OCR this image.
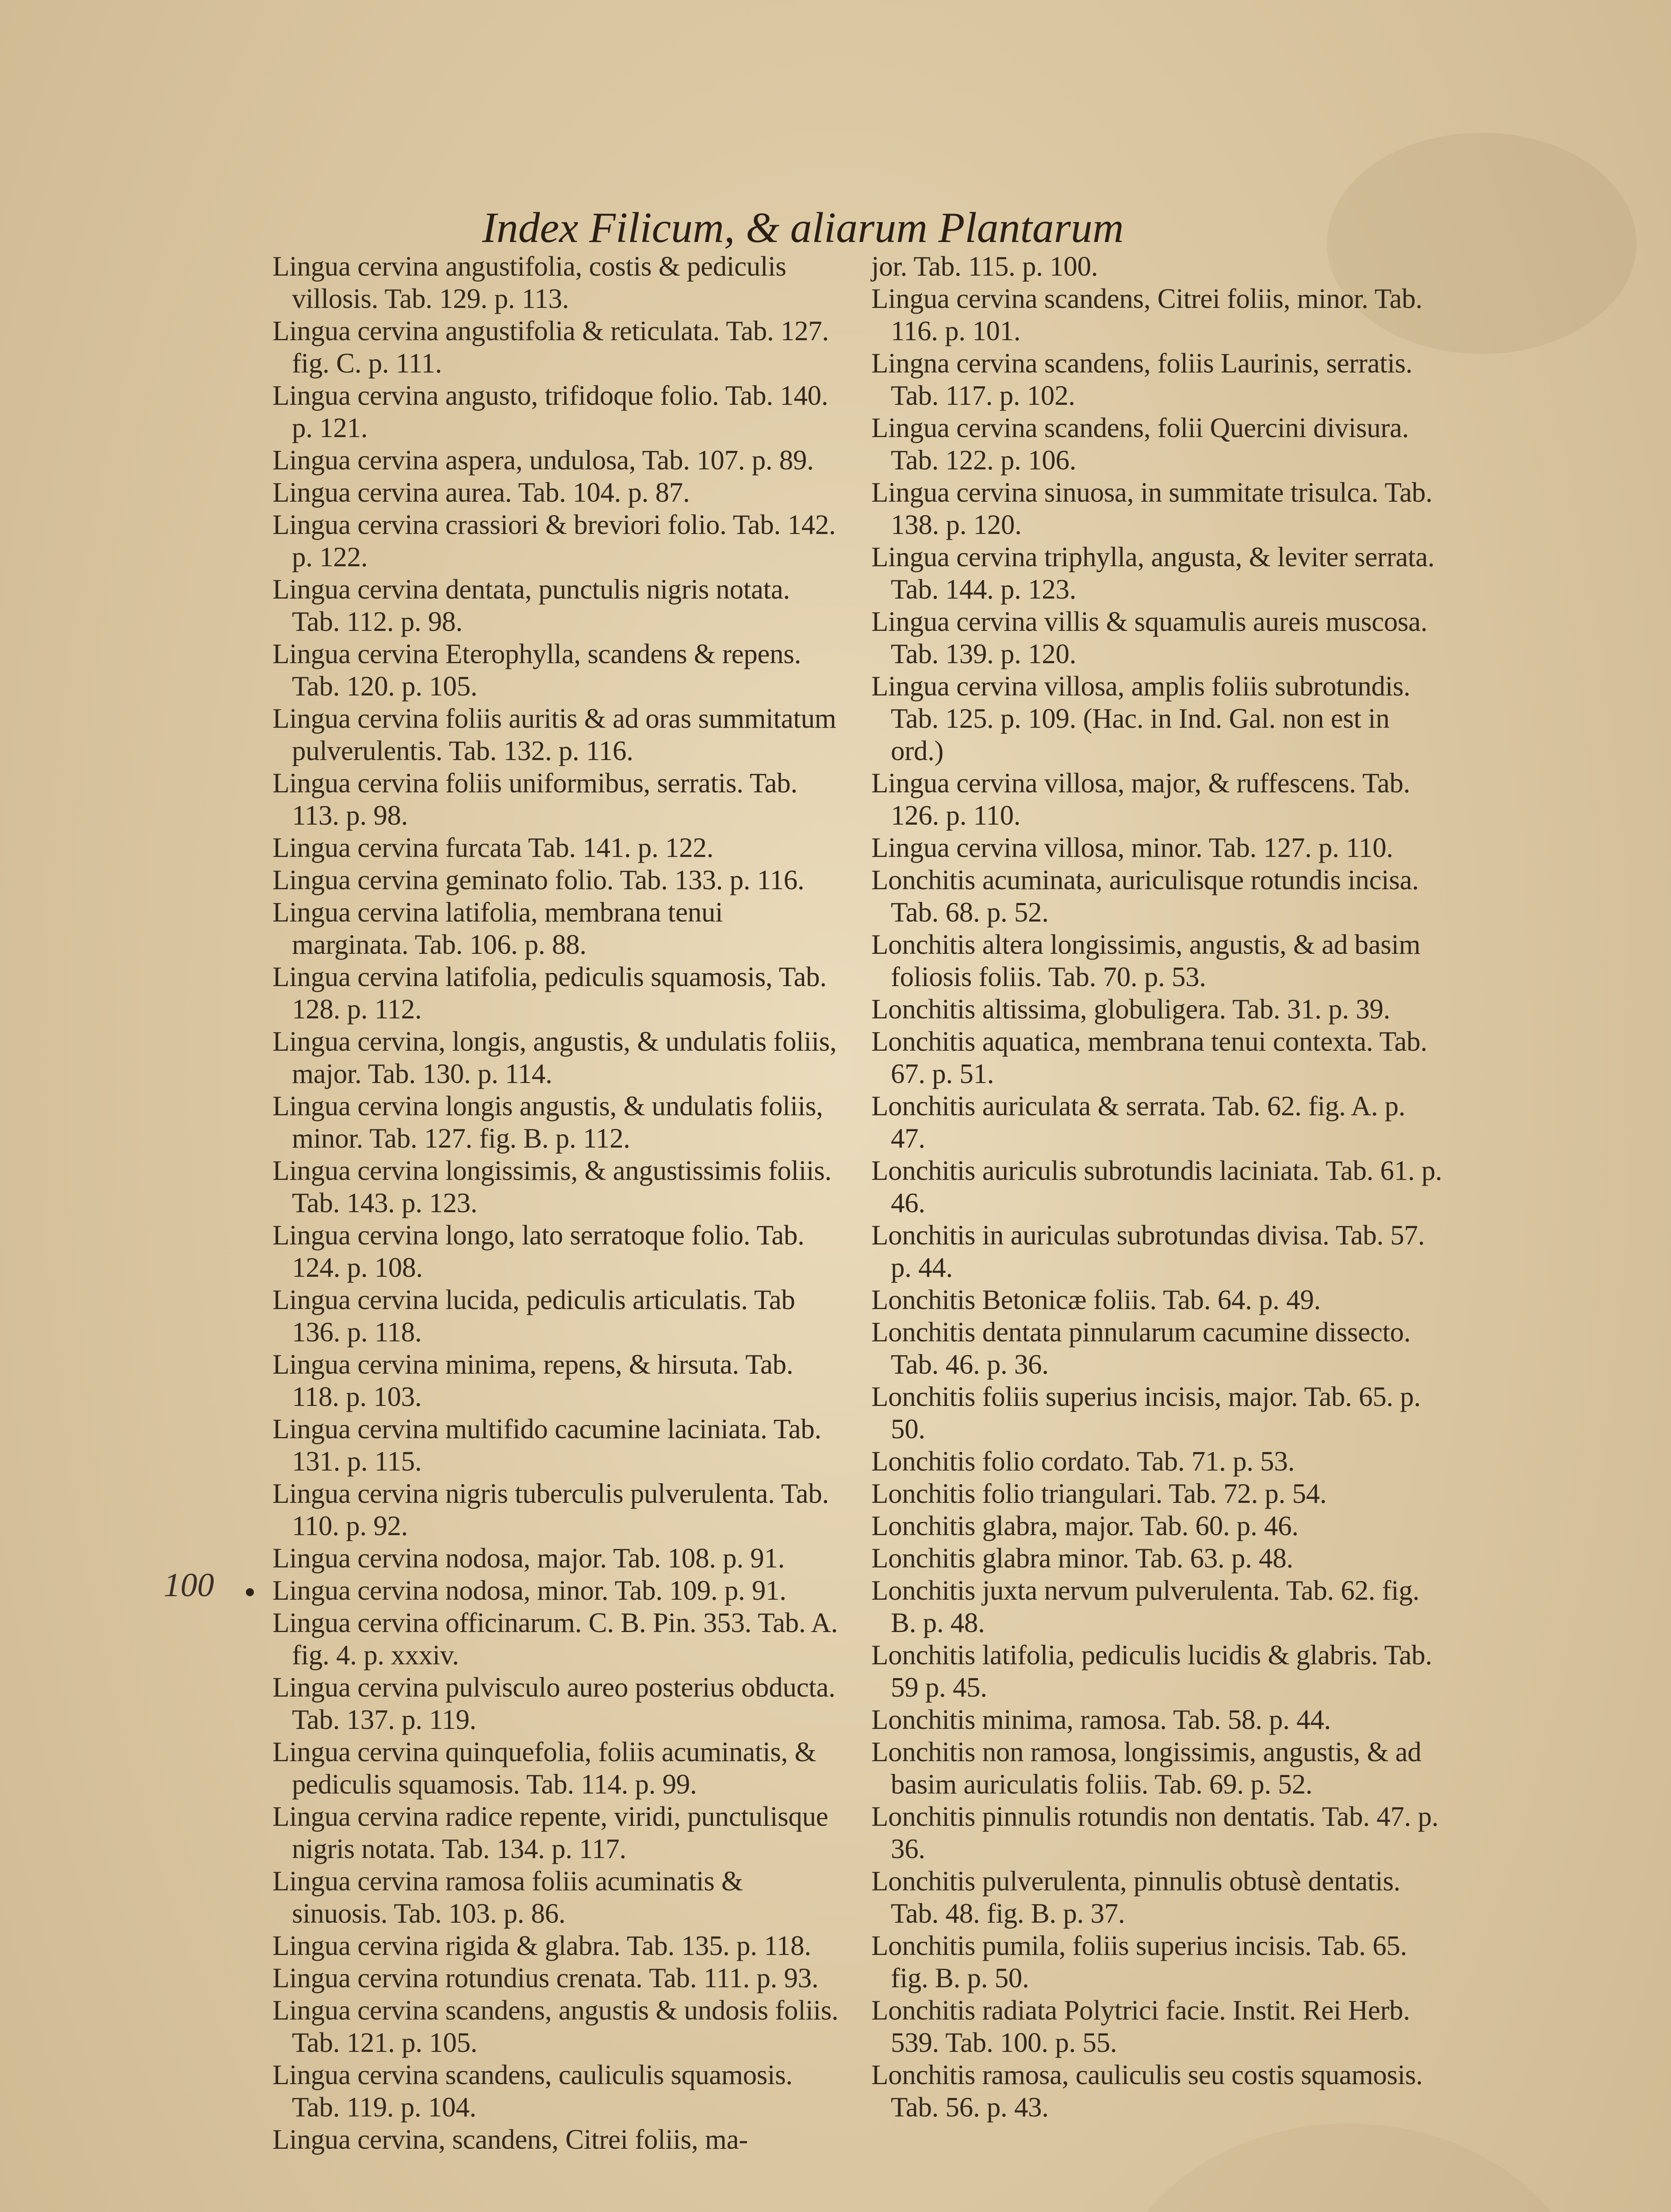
Index Filicum, & aliarum Plantarum
100

Lingua cervina angustifolia, costis & pediculis villosis. Tab. 129. p. 113.

Lingua cervina angustifolia & reticulata. Tab. 127. fig. C. p. 111.

Lingua cervina angusto, trifidoque folio. Tab. 140. p. 121.

Lingua cervina aspera, undulosa, Tab. 107. p. 89.

Lingua cervina aurea. Tab. 104. p. 87.

Lingua cervina crassiori & breviori folio. Tab. 142. p. 122.

Lingua cervina dentata, punctulis nigris notata. Tab. 112. p. 98.

Lingua cervina Eterophylla, scandens & repens. Tab. 120. p. 105.

Lingua cervina foliis auritis & ad oras summitatum pulverulentis. Tab. 132. p. 116.

Lingua cervina foliis uniformibus, serratis. Tab. 113. p. 98.

Lingua cervina furcata Tab. 141. p. 122.

Lingua cervina geminato folio. Tab. 133. p. 116.

Lingua cervina latifolia, membrana tenui marginata. Tab. 106. p. 88.

Lingua cervina latifolia, pediculis squamosis, Tab. 128. p. 112.

Lingua cervina, longis, angustis, & undulatis foliis, major. Tab. 130. p. 114.

Lingua cervina longis angustis, & undulatis foliis, minor. Tab. 127. fig. B. p. 112.

Lingua cervina longissimis, & angustissimis foliis. Tab. 143. p. 123.

Lingua cervina longo, lato serratoque folio. Tab. 124. p. 108.

Lingua cervina lucida, pediculis articulatis. Tab 136. p. 118.

Lingua cervina minima, repens, & hirsuta. Tab. 118. p. 103.

Lingua cervina multifido cacumine laciniata. Tab. 131. p. 115.

Lingua cervina nigris tuberculis pulverulenta. Tab. 110. p. 92.

Lingua cervina nodosa, major. Tab. 108. p. 91.

Lingua cervina nodosa, minor. Tab. 109. p. 91.

Lingua cervina officinarum. C. B. Pin. 353. Tab. A. fig. 4. p. xxxiv.

Lingua cervina pulvisculo aureo posterius obducta. Tab. 137. p. 119.

Lingua cervina quinquefolia, foliis acuminatis, & pediculis squamosis. Tab. 114. p. 99.

Lingua cervina radice repente, viridi, punctulisque nigris notata. Tab. 134. p. 117.

Lingua cervina ramosa foliis acuminatis & sinuosis. Tab. 103. p. 86.

Lingua cervina rigida & glabra. Tab. 135. p. 118.

Lingua cervina rotundius crenata. Tab. 111. p. 93.

Lingua cervina scandens, angustis & undosis foliis. Tab. 121. p. 105.

Lingua cervina scandens, cauliculis squamosis. Tab. 119. p. 104.

Lingua cervina, scandens, Citrei foliis, ma-

jor. Tab. 115. p. 100.

Lingua cervina scandens, Citrei foliis, minor. Tab. 116. p. 101.

Lingna cervina scandens, foliis Laurinis, serratis. Tab. 117. p. 102.

Lingua cervina scandens, folii Quercini divisura. Tab. 122. p. 106.

Lingua cervina sinuosa, in summitate trisulca. Tab. 138. p. 120.

Lingua cervina triphylla, angusta, & leviter serrata. Tab. 144. p. 123.

Lingua cervina villis & squamulis aureis muscosa. Tab. 139. p. 120.

Lingua cervina villosa, amplis foliis subrotundis. Tab. 125. p. 109. (Hac. in Ind. Gal. non est in ord.)

Lingua cervina villosa, major, & ruffescens. Tab. 126. p. 110.

Lingua cervina villosa, minor. Tab. 127. p. 110.

Lonchitis acuminata, auriculisque rotundis incisa. Tab. 68. p. 52.

Lonchitis altera longissimis, angustis, & ad basim foliosis foliis. Tab. 70. p. 53.

Lonchitis altissima, globuligera. Tab. 31. p. 39.

Lonchitis aquatica, membrana tenui contexta. Tab. 67. p. 51.

Lonchitis auriculata & serrata. Tab. 62. fig. A. p. 47.

Lonchitis auriculis subrotundis laciniata. Tab. 61. p. 46.

Lonchitis in auriculas subrotundas divisa. Tab. 57. p. 44.

Lonchitis Betonicæ foliis. Tab. 64. p. 49.

Lonchitis dentata pinnularum cacumine dissecto. Tab. 46. p. 36.

Lonchitis foliis superius incisis, major. Tab. 65. p. 50.

Lonchitis folio cordato. Tab. 71. p. 53.

Lonchitis folio triangulari. Tab. 72. p. 54.

Lonchitis glabra, major. Tab. 60. p. 46.

Lonchitis glabra minor. Tab. 63. p. 48.

Lonchitis juxta nervum pulverulenta. Tab. 62. fig. B. p. 48.

Lonchitis latifolia, pediculis lucidis & glabris. Tab. 59 p. 45.

Lonchitis minima, ramosa. Tab. 58. p. 44.

Lonchitis non ramosa, longissimis, angustis, & ad basim auriculatis foliis. Tab. 69. p. 52.

Lonchitis pinnulis rotundis non dentatis. Tab. 47. p. 36.

Lonchitis pulverulenta, pinnulis obtusè dentatis. Tab. 48. fig. B. p. 37.

Lonchitis pumila, foliis superius incisis. Tab. 65. fig. B. p. 50.

Lonchitis radiata Polytrici facie. Instit. Rei Herb. 539. Tab. 100. p. 55.

Lonchitis ramosa, cauliculis seu costis squamosis. Tab. 56. p. 43.
